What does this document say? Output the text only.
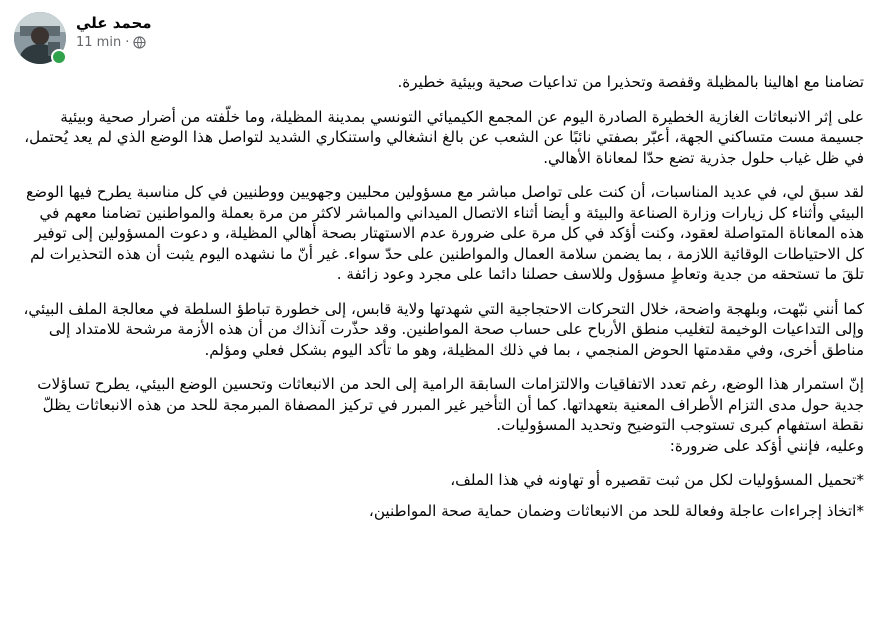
محمد علي
11 min ·

تضامنا مع اهالينا بالمظيلة وقفصة وتحذيرا من تداعيات صحية وبيئية خطيرة.

على إثر الانبعاثات الغازية الخطيرة الصادرة اليوم عن المجمع الكيميائي التونسي بمدينة المظيلة، وما خلّفته من أضرار صحية وبيئية جسيمة مست متساكني الجهة، أعبّر بصفتي نائبًا عن الشعب عن بالغ انشغالي واستنكاري الشديد لتواصل هذا الوضع الذي لم يعد يُحتمل، في ظل غياب حلول جذرية تضع حدّا لمعاناة الأهالي.

لقد سبق لي، في عديد المناسبات، أن كنت على تواصل مباشر مع مسؤولين محليين وجهويين ووطنيين في كل مناسبة يطرح فيها الوضع البيئي وأثناء كل زيارات وزارة الصناعة والبيئة و أيضا أثناء الاتصال الميداني والمباشر لاكثر من مرة بعملة والمواطنين تضامنا معهم في هذه المعاناة المتواصلة لعقود، وكنت أؤكد في كل مرة على ضرورة عدم الاستهتار بصحة أهالي المظيلة، و دعوت المسؤولين إلى توفير كل الاحتياطات الوقائية اللازمة ، بما يضمن سلامة العمال والمواطنين على حدّ سواء. غير أنّ ما نشهده اليوم يثبت أن هذه التحذيرات لم تلقَ ما تستحقه من جدية وتعاطٍ مسؤول وللاسف حصلنا دائما على مجرد وعود زائفة .

كما أنني نبّهت، وبلهجة واضحة، خلال التحركات الاحتجاجية التي شهدتها ولاية قابس، إلى خطورة تباطؤ السلطة في معالجة الملف البيئي، وإلى التداعيات الوخيمة لتغليب منطق الأرباح على حساب صحة المواطنين. وقد حذّرت آنذاك من أن هذه الأزمة مرشحة للامتداد إلى مناطق أخرى، وفي مقدمتها الحوض المنجمي ، بما في ذلك المظيلة، وهو ما تأكد اليوم بشكل فعلي ومؤلم.

إنّ استمرار هذا الوضع، رغم تعدد الاتفاقيات والالتزامات السابقة الرامية إلى الحد من الانبعاثات وتحسين الوضع البيئي، يطرح تساؤلات جدية حول مدى التزام الأطراف المعنية بتعهداتها. كما أن التأخير غير المبرر في تركيز المصفاة المبرمجة للحد من هذه الانبعاثات يظلّ نقطة استفهام كبرى تستوجب التوضيح وتحديد المسؤوليات.

وعليه، فإنني أؤكد على ضرورة:

*تحميل المسؤوليات لكل من ثبت تقصيره أو تهاونه في هذا الملف،

*اتخاذ إجراءات عاجلة وفعالة للحد من الانبعاثات وضمان حماية صحة المواطنين،
